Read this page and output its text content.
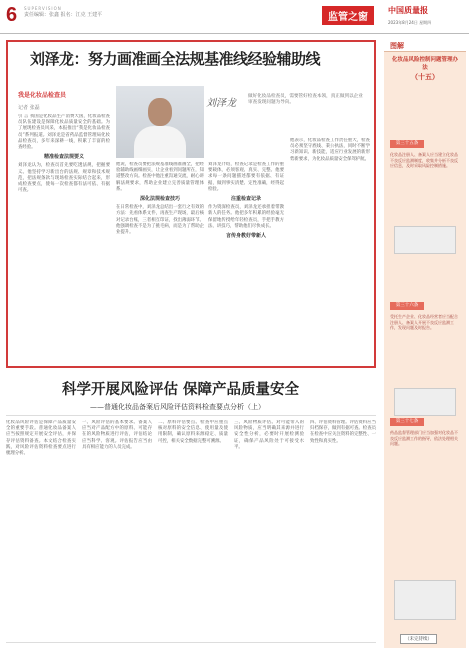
6 SUPERVISION
责任编辑：张鑫 报名：江克 王建平	监管之窗
中国质量报
2023年8月24日 星期四
刘泽龙：努力画准画全法规基准线经验辅助线
我是化妆品检查员
记者 张磊	刘泽龙
做好化妆品检查员，需要管好检查本领，真正做到以企业审查发现问题为导向。
引 言 我国是化妆品生产消费大国，化妆品检查员队伍建设是保障化妆品质量安全的基础。为了展现检查员风采，本报推出“我是化妆品检查员”系列报道。刘泽龙是省药品监督管理局化妆品检查员，多年来深耕一线，积累了丰富的检查经验。
精准检查法规要义
刘泽龙认为，检查员首先要吃透法规，把握要义。他坚持学习新出台的法规、规章和技术规范，把法规条款与现场检查实际结合起来，形成检查要点，使每一次检查都有法可依、有据可查。
他说，检查员要把法规基准线画准画全，把经验辅助线画细画实，让企业看到问题所在，知道整改方向。检查中他注重沟通交流，耐心讲解法规要求，帮助企业建立完善质量管理体系。
深化法规检查技巧
在日常检查中，刘泽龙总结出一套行之有效的方法：先看体系文件，再查生产现场，最后核对记录台账，三者相互印证，找出薄弱环节。他强调检查不是为了挑毛病，而是为了帮助企业提升。
刘泽龙介绍，检查记录是检查工作的重要载体，必须客观、真实、完整。他要求每一条问题描述都要有依据、有证据，做到事实清楚、定性准确，经得起检验。
注重检查记录
作为资深检查员，刘泽龙还承担着带教新人的任务。他把多年积累的经验毫无保留地传授给年轻检查员，手把手教方法、讲技巧，帮助他们尽快成长。
言传身教好带新人
他表示，化妆品检查工作责任重大，检查员必须坚守底线、秉公执法，同时不断学习新知识、新技能，适应行业发展的新形势新要求，为化妆品质量安全保驾护航。
科学开展风险评估 保障产品质量安全
——普通化妆品备案后风险评估资料检查要点分析（上）
化妆品风险评估是保障产品质量安全的重要手段。普通化妆品备案人应当按照规定开展安全评估，并保存评估资料备查。本文结合检查实践，对风险评估资料检查要点进行梳理分析。
一、风险评估的基本要求。备案人应当对产品配方中的原料、可能存在的风险物质进行评估，评估结论应当科学、客观。评估报告应当由具有相应能力的人员完成。
二、原料评估要点。检查中应重点核对原料的安全信息、使用量及使用限制，确认原料来源稳定、质量可控，相关安全数据完整可溯源。
三、风险物质评估。对可能带入的风险物质，应当明确其来源并进行安全性分析，必要时开展检测验证，确保产品风险处于可接受水平。
四、评估资料管理。评估资料应当归档保存，做到有据可查。检查员在检查中应关注资料的完整性、一致性和真实性。
图解
化妆品风险控制问题管理办法
（十五）
第三十五条
化妆品注册人、备案人应当建立化妆品不良反应监测制度，收集并分析不良反应信息，及时采取风险控制措施。
第三十六条
受托生产企业、化妆品经营者应当配合注册人、备案人开展不良反应监测工作，发现问题及时报告。
第三十七条
药品监督管理部门应当加强对化妆品不良反应监测工作的指导，依法处理相关问题。
（未完待续）
